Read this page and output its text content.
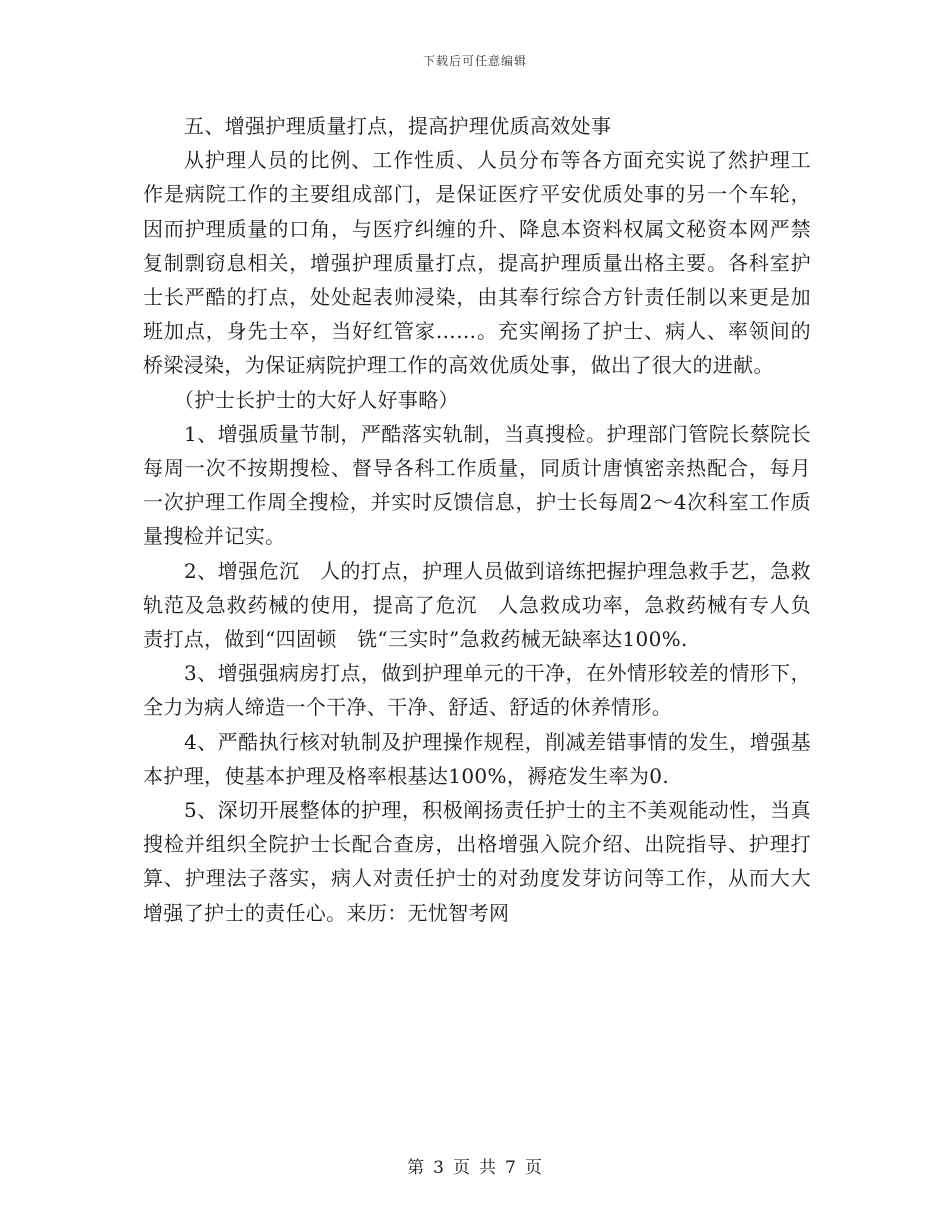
下载后可任意编辑

五、增强护理质量打点，提高护理优质高效处事

从护理人员的比例、工作性质、人员分布等各方面充实说了然护理工作是病院工作的主要组成部门，是保证医疗平安优质处事的另一个车轮，因而护理质量的口角，与医疗纠缠的升、降息本资料权属文秘资本网严禁复制剽窃息相关，增强护理质量打点，提高护理质量出格主要。各科室护士长严酷的打点，处处起表帅浸染，由其奉行综合方针责任制以来更是加班加点，身先士卒，当好红管家……。充实阐扬了护士、病人、率领间的桥梁浸染，为保证病院护理工作的高效优质处事，做出了很大的进献。

（护士长护士的大好人好事略）

1、增强质量节制，严酷落实轨制，当真搜检。护理部门管院长蔡院长每周一次不按期搜检、督导各科工作质量，同质计唐慎密亲热配合，每月一次护理工作周全搜检，并实时反馈信息，护士长每周2～4次科室工作质量搜检并记实。

2、增强危沉　人的打点，护理人员做到谙练把握护理急救手艺，急救轨范及急救药械的使用，提高了危沉　人急救成功率，急救药械有专人负责打点，做到“四固顿　铣“三实时”急救药械无缺率达100%.

3、增强强病房打点，做到护理单元的干净，在外情形较差的情形下，全力为病人缔造一个干净、干净、舒适、舒适的休养情形。

4、严酷执行核对轨制及护理操作规程，削减差错事情的发生，增强基本护理，使基本护理及格率根基达100%，褥疮发生率为0.

5、深切开展整体的护理，积极阐扬责任护士的主不美观能动性，当真搜检并组织全院护士长配合查房，出格增强入院介绍、出院指导、护理打算、护理法子落实，病人对责任护士的对劲度发芽访问等工作，从而大大增强了护士的责任心。来历：无忧智考网

第 3 页 共 7 页
